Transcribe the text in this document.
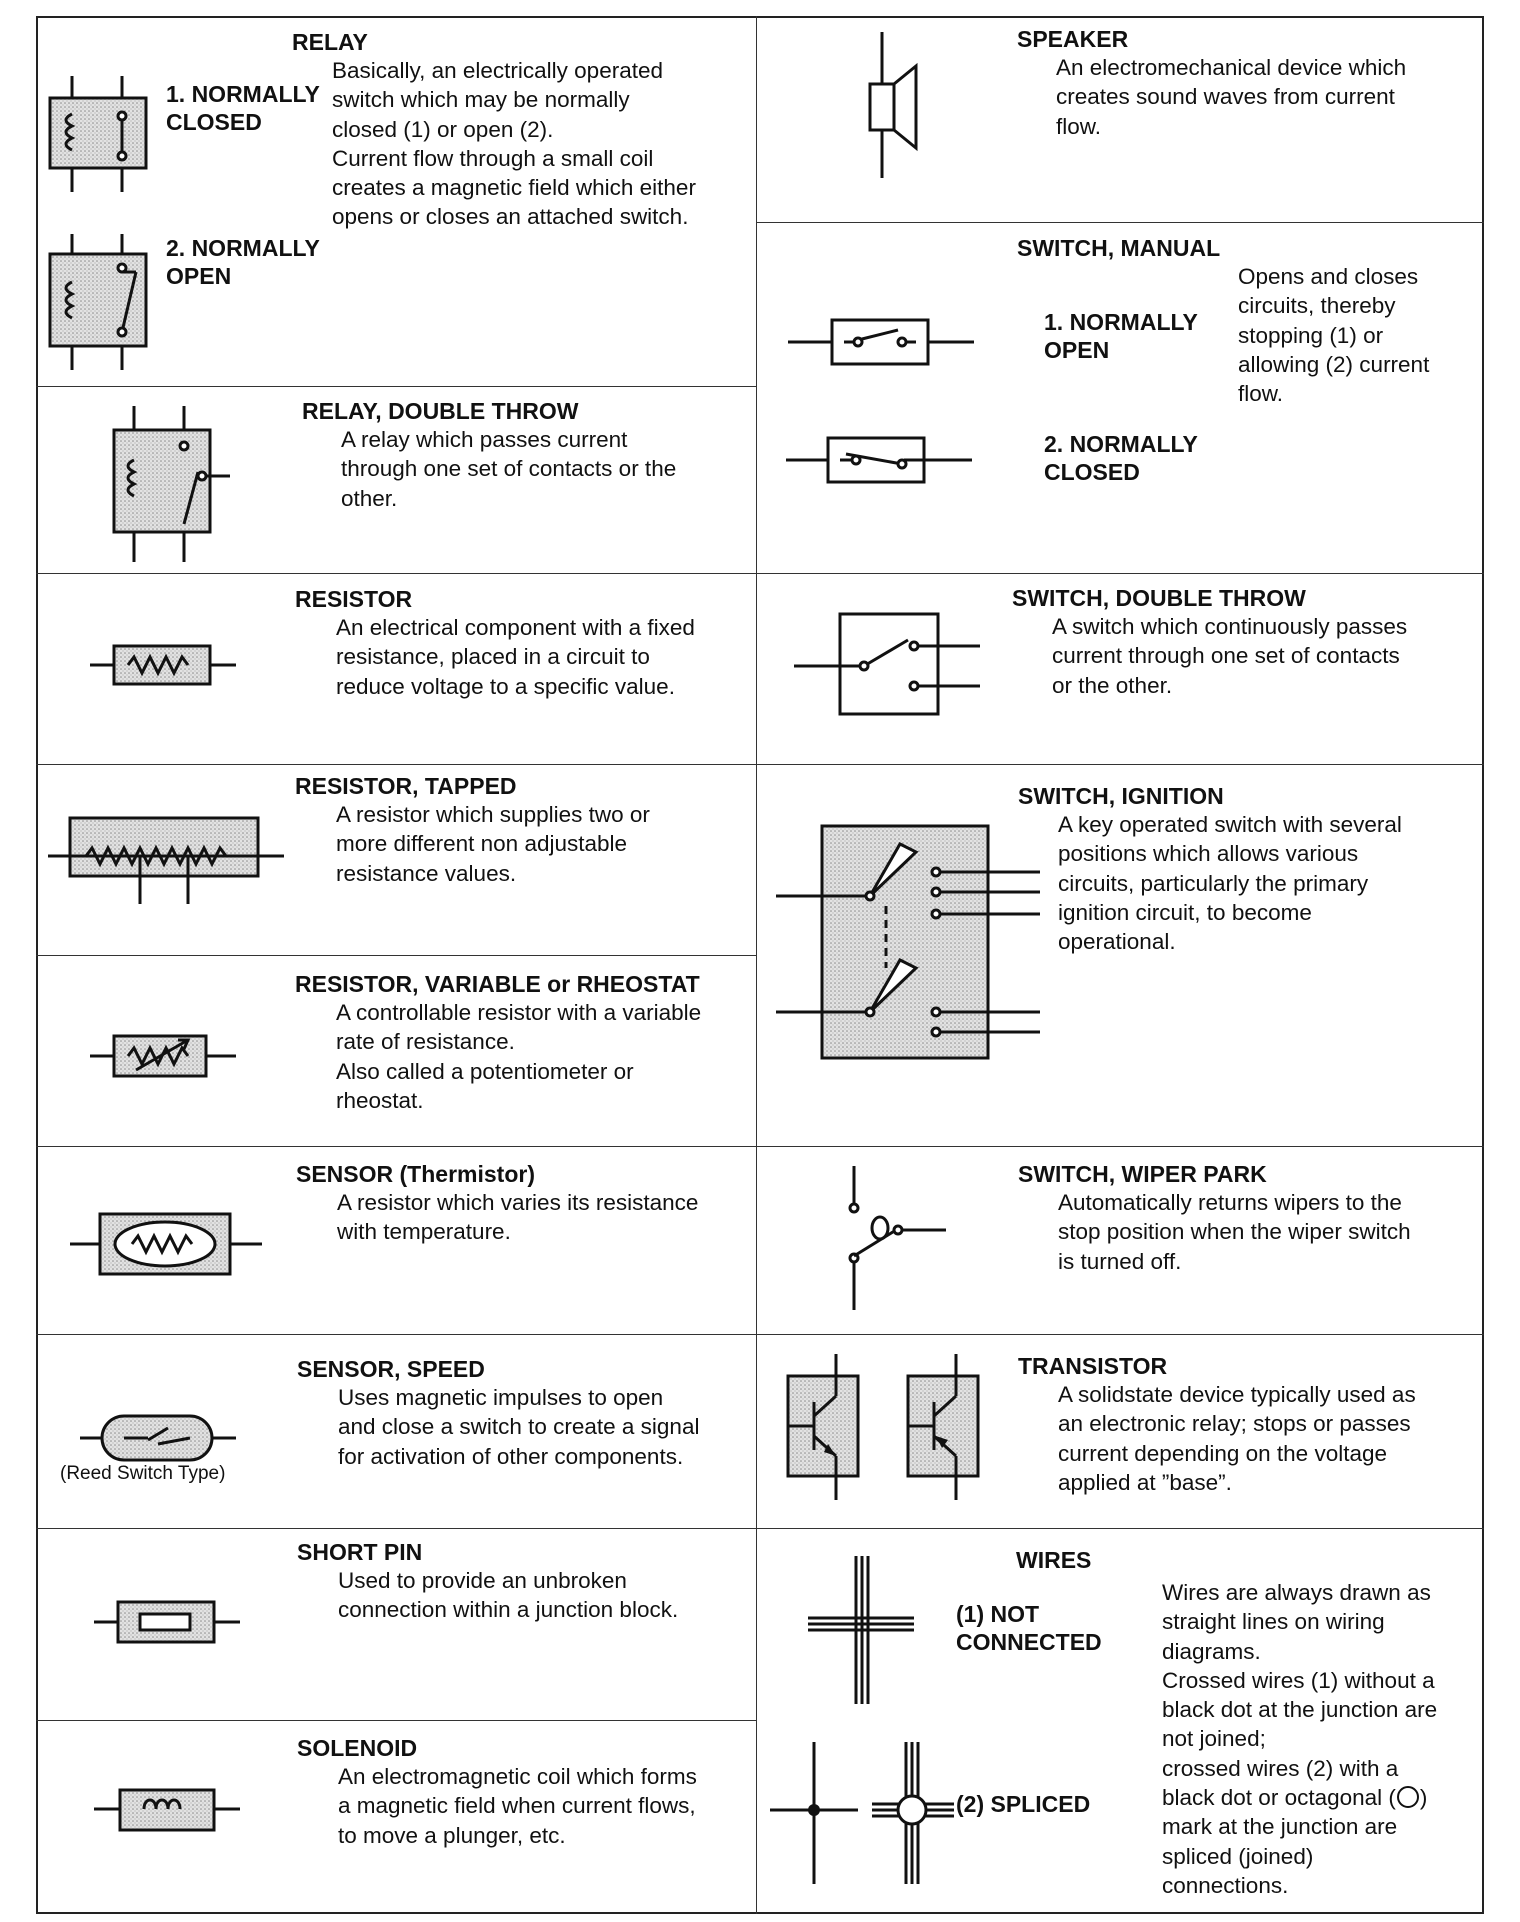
RELAY
1. NORMALLY
CLOSED
2. NORMALLY
OPEN
Basically, an electrically operated
switch which may be normally
closed (1) or open (2).
Current flow through a small coil
creates a magnetic field which either
opens or closes an attached switch.
RELAY, DOUBLE THROW
A relay which passes current
through one set of contacts or the
other.
RESISTOR
An electrical component with a fixed
resistance, placed in a circuit to
reduce voltage to a specific value.
RESISTOR, TAPPED
A resistor which supplies two or
more different non adjustable
resistance values.
RESISTOR, VARIABLE or RHEOSTAT
A controllable resistor with a variable
rate of resistance.
Also called a potentiometer or
rheostat.
SENSOR (Thermistor)
A resistor which varies its resistance
with temperature.
SENSOR, SPEED
Uses magnetic impulses to open
and close a switch to create a signal
for activation of other components.
(Reed Switch Type)
SHORT PIN
Used to provide an unbroken
connection within a junction block.
SOLENOID
An electromagnetic coil which forms
a magnetic field when current flows,
to move a plunger, etc.
SPEAKER
An electromechanical device which
creates sound waves from current
flow.
SWITCH, MANUAL
1. NORMALLY
OPEN
2. NORMALLY
CLOSED
Opens and closes
circuits, thereby
stopping (1) or
allowing (2) current
flow.
SWITCH, DOUBLE THROW
A switch which continuously passes
current through one set of contacts
or the other.
SWITCH, IGNITION
A key operated switch with several
positions which allows various
circuits, particularly the primary
ignition circuit, to become
operational.
SWITCH, WIPER PARK
Automatically returns wipers to the
stop position when the wiper switch
is turned off.
TRANSISTOR
A solidstate device typically used as
an electronic relay; stops or passes
current depending on the voltage
applied at ”base”.
WIRES
(1) NOT
CONNECTED
(2) SPLICED
Wires are always drawn as
straight lines on wiring
diagrams.
Crossed wires (1) without a
black dot at the junction are
not joined;
crossed wires (2) with a
black dot or octagonal ( )
mark at the junction are
spliced (joined)
connections.
